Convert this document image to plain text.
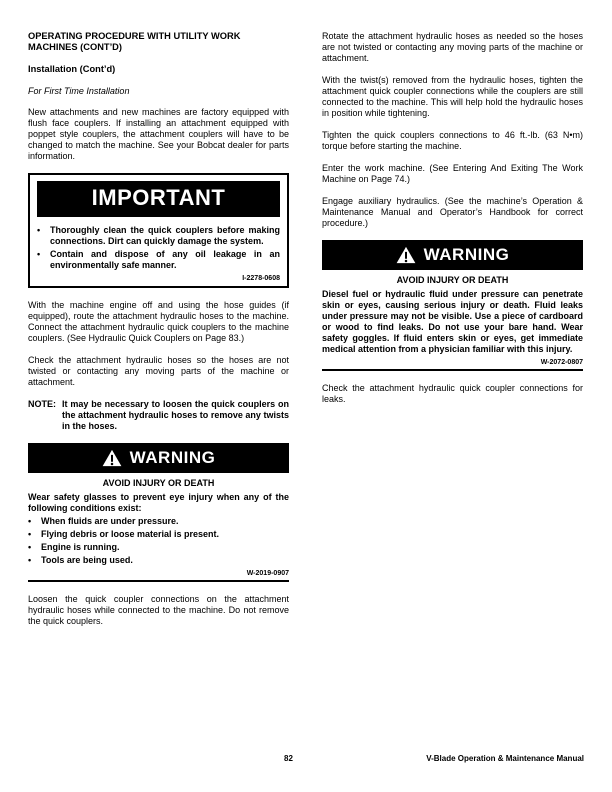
OPERATING PROCEDURE WITH UTILITY WORK MACHINES (CONT’D)
Installation (Cont’d)
For First Time Installation

New attachments and new machines are factory equipped with flush face couplers. If installing an attachment equipped with poppet style couplers, the attachment couplers will have to be changed to match the machine. See your Bobcat dealer for parts information.

IMPORTANT
•	Thoroughly clean the quick couplers before making connections. Dirt can quickly damage the system.
•	Contain and dispose of any oil leakage in an environmentally safe manner.
I-2278-0608

With the machine engine off and using the hose guides (if equipped), route the attachment hydraulic hoses to the machine. Connect the attachment hydraulic quick couplers to the machine couplers. (See Hydraulic Quick Couplers on Page 83.)

Check the attachment hydraulic hoses so the hoses are not twisted or contacting any moving parts of the machine or attachment.

NOTE: It may be necessary to loosen the quick couplers on the attachment hydraulic hoses to remove any twists in the hoses.
WARNING
AVOID INJURY OR DEATH
Wear safety glasses to prevent eye injury when any of the following conditions exist:
•	When fluids are under pressure.
•	Flying debris or loose material is present.
•	Engine is running.
•	Tools are being used.
W-2019-0907

Loosen the quick coupler connections on the attachment hydraulic hoses while connected to the machine. Do not remove the quick couplers.

Rotate the attachment hydraulic hoses as needed so the hoses are not twisted or contacting any moving parts of the machine or attachment.

With the twist(s) removed from the hydraulic hoses, tighten the attachment quick coupler connections while the couplers are still connected to the machine. This will help hold the hydraulic hoses in position while tightening.

Tighten the quick couplers connections to 46 ft.-lb. (63 N•m) torque before starting the machine.

Enter the work machine. (See Entering And Exiting The Work Machine on Page 74.)

Engage auxiliary hydraulics. (See the machine’s Operation & Maintenance Manual and Operator’s Handbook for correct procedure.)

WARNING
AVOID INJURY OR DEATH
Diesel fuel or hydraulic fluid under pressure can penetrate skin or eyes, causing serious injury or death. Fluid leaks under pressure may not be visible. Use a piece of cardboard or wood to find leaks. Do not use your bare hand. Wear safety goggles. If fluid enters skin or eyes, get immediate medical attention from a physician familiar with this injury.
W-2072-0807

Check the attachment hydraulic quick coupler connections for leaks.

82	V-Blade Operation & Maintenance Manual
